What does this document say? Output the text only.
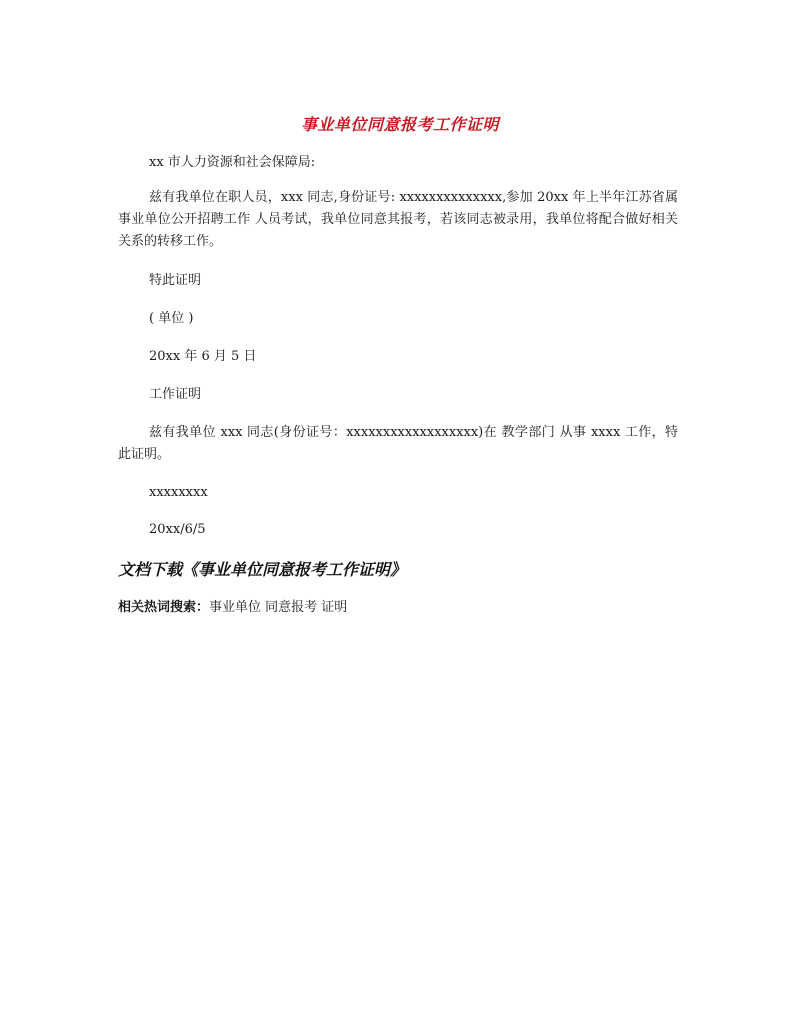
事业单位同意报考工作证明
xx 市人力资源和社会保障局:
兹有我单位在职人员，xxx 同志,身份证号: xxxxxxxxxxxxxx,参加 20xx 年上半年江苏省属事业单位公开招聘工作 人员考试，我单位同意其报考，若该同志被录用，我单位将配合做好相关关系的转移工作。
特此证明
( 单位 )
20xx 年 6 月 5 日
工作证明
兹有我单位 xxx 同志(身份证号：xxxxxxxxxxxxxxxxxx)在 教学部门 从事 xxxx 工作，特此证明。
xxxxxxxx
20xx/6/5
文档下载《事业单位同意报考工作证明》
相关热词搜索：事业单位 同意报考 证明
